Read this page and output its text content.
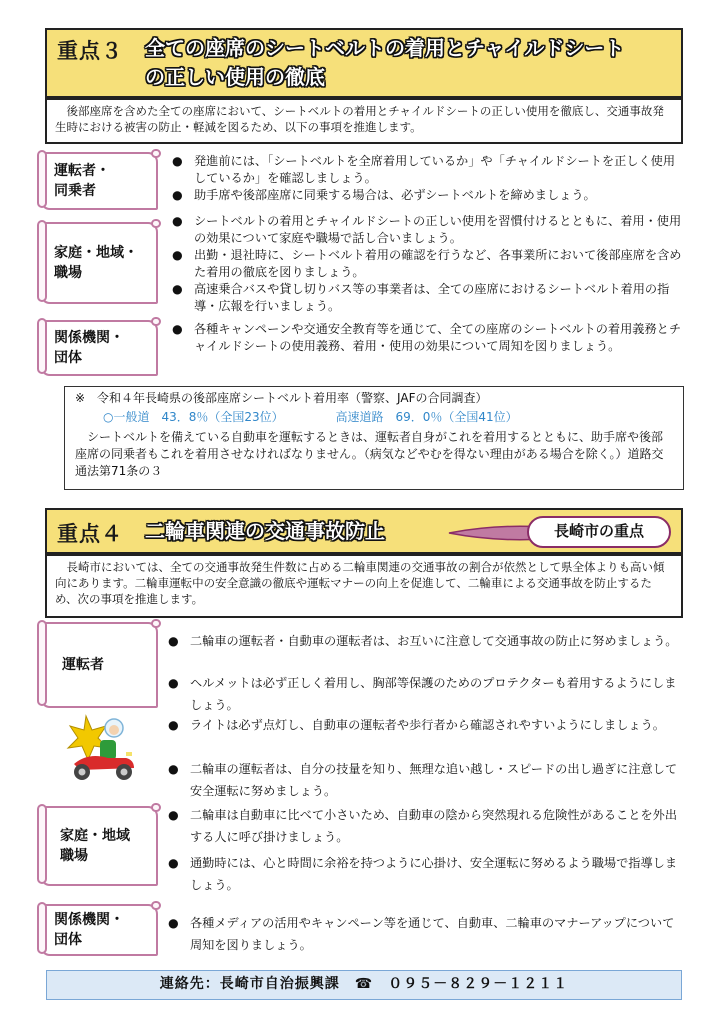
重点３ 全ての座席のシートベルトの着用とチャイルドシート
の正しい使用の徹底
　後部座席を含めた全ての座席において、シートベルトの着用とチャイルドシートの正しい使用を徹底し、交通事故発生時における被害の防止・軽減を図るため、以下の事項を推進します。
運転者・
同乗者
● 発進前には、「シートベルトを全席着用しているか」や「チャイルドシートを正しく使用しているか」を確認しましょう。
● 助手席や後部座席に同乗する場合は、必ずシートベルトを締めましょう。
家庭・地域・
職場
● シートベルトの着用とチャイルドシートの正しい使用を習慣付けるとともに、着用・使用の効果について家庭や職場で話し合いましょう。
● 出勤・退社時に、シートベルト着用の確認を行うなど、各事業所において後部座席を含めた着用の徹底を図りましょう。
● 高速乗合バスや貸し切りバス等の事業者は、全ての座席におけるシートベルト着用の指導・広報を行いましょう。
関係機関・
団体
● 各種キャンペーンや交通安全教育等を通じて、全ての座席のシートベルトの着用義務とチャイルドシートの使用義務、着用・使用の効果について周知を図りましょう。
※　令和４年長崎県の後部座席シートベルト着用率（警察、JAFの合同調査）
○一般道　43．8％（全国23位）	高速道路　69．0％（全国41位）
　シートベルトを備えている自動車を運転するときは、運転者自身がこれを着用するとともに、助手席や後部座席の同乗者もこれを着用させなければなりません。（病気などやむを得ない理由がある場合を除く。）道路交通法第71条の３
重点４ 二輪車関連の交通事故防止	長崎市の重点
　長崎市においては、全ての交通事故発生件数に占める二輪車関連の交通事故の割合が依然として県全体よりも高い傾向にあります。二輪車運転中の安全意識の徹底や運転マナーの向上を促進して、二輪車による交通事故を防止するため、次の事項を推進します。
運転者
● 二輪車の運転者・自動車の運転者は、お互いに注意して交通事故の防止に努めましょう。
● ヘルメットは必ず正しく着用し、胸部等保護のためのプロテクターも着用するようにしましょう。
● ライトは必ず点灯し、自動車の運転者や歩行者から確認されやすいようにしましょう。
● 二輪車の運転者は、自分の技量を知り、無理な追い越し・スピードの出し過ぎに注意して安全運転に努めましょう。
家庭・地域
職場
● 二輪車は自動車に比べて小さいため、自動車の陰から突然現れる危険性があることを外出する人に呼び掛けましょう。
● 通勤時には、心と時間に余裕を持つように心掛け、安全運転に努めるよう職場で指導しましょう。
関係機関・
団体
● 各種メディアの活用やキャンペーン等を通じて、自動車、二輪車のマナーアップについて周知を図りましょう。
連絡先：長崎市自治振興課　☎　０９５－８２９－１２１１
